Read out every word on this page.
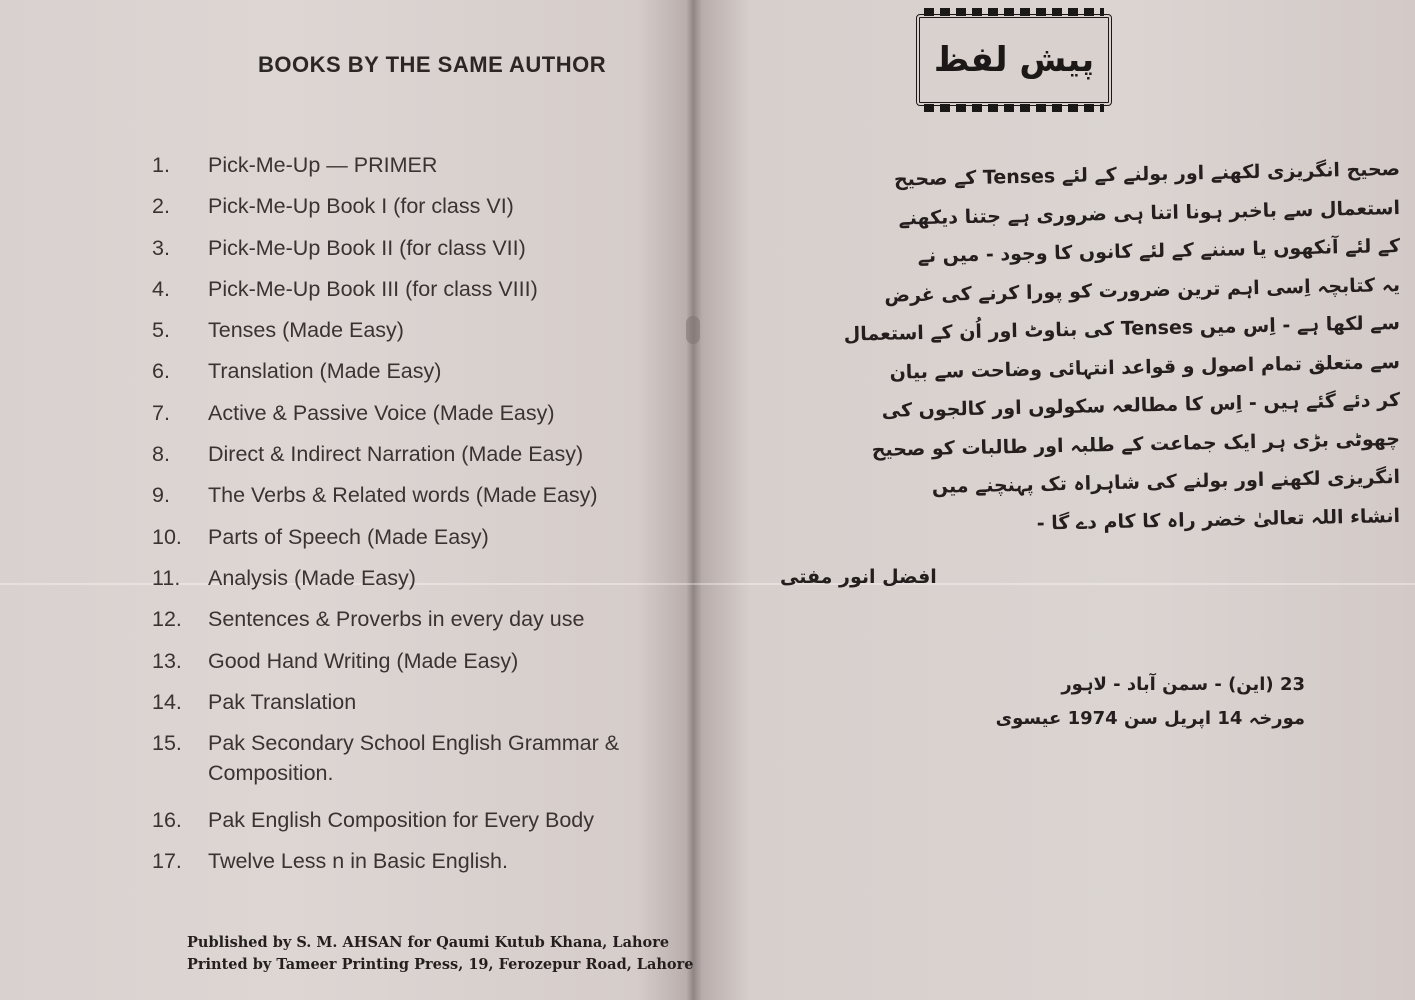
BOOKS BY THE SAME AUTHOR
1.	Pick-Me-Up — PRIMER
2.	Pick-Me-Up Book I (for class VI)
3.	Pick-Me-Up Book II (for class VII)
4.	Pick-Me-Up Book III (for class VIII)
5.	Tenses (Made Easy)
6.	Translation (Made Easy)
7.	Active & Passive Voice (Made Easy)
8.	Direct & Indirect Narration (Made Easy)
9.	The Verbs & Related words (Made Easy)
10.	Parts of Speech (Made Easy)
11.	Analysis (Made Easy)
12.	Sentences & Proverbs in every day use
13.	Good Hand Writing (Made Easy)
14.	Pak Translation
15.	Pak Secondary School English Grammar & Composition.
16.	Pak English Composition for Every Body
17.	Twelve Less n in Basic English.
Published by S. M. AHSAN for Qaumi Kutub Khana, Lahore
Printed by Tameer Printing Press, 19, Ferozepur Road, Lahore
پیش لفظ
صحیح انگریزی لکھنے اور بولنے کے لئے Tenses کے صحیح
استعمال سے باخبر ہونا اتنا ہی ضروری ہے جتنا دیکھنے
کے لئے آنکھوں یا سننے کے لئے کانوں کا وجود - میں نے
یہ کتابچہ اِسی اہم ترین ضرورت کو پورا کرنے کی غرض
سے لکھا ہے - اِس میں Tenses کی بناوٹ اور اُن کے استعمال
سے متعلق تمام اصول و قواعد انتہائی وضاحت سے بیان
کر دئے گئے ہیں - اِس کا مطالعہ سکولوں اور کالجوں کی
چھوٹی بڑی ہر ایک جماعت کے طلبہ اور طالبات کو صحیح
انگریزی لکھنے اور بولنے کی شاہراہ تک پہنچنے میں
انشاء اللہ تعالیٰ خضر راہ کا کام دے گا -
افضل انور مفتی
23 (این) - سمن آباد - لاہور
مورخہ 14 اپریل سن 1974 عیسوی
